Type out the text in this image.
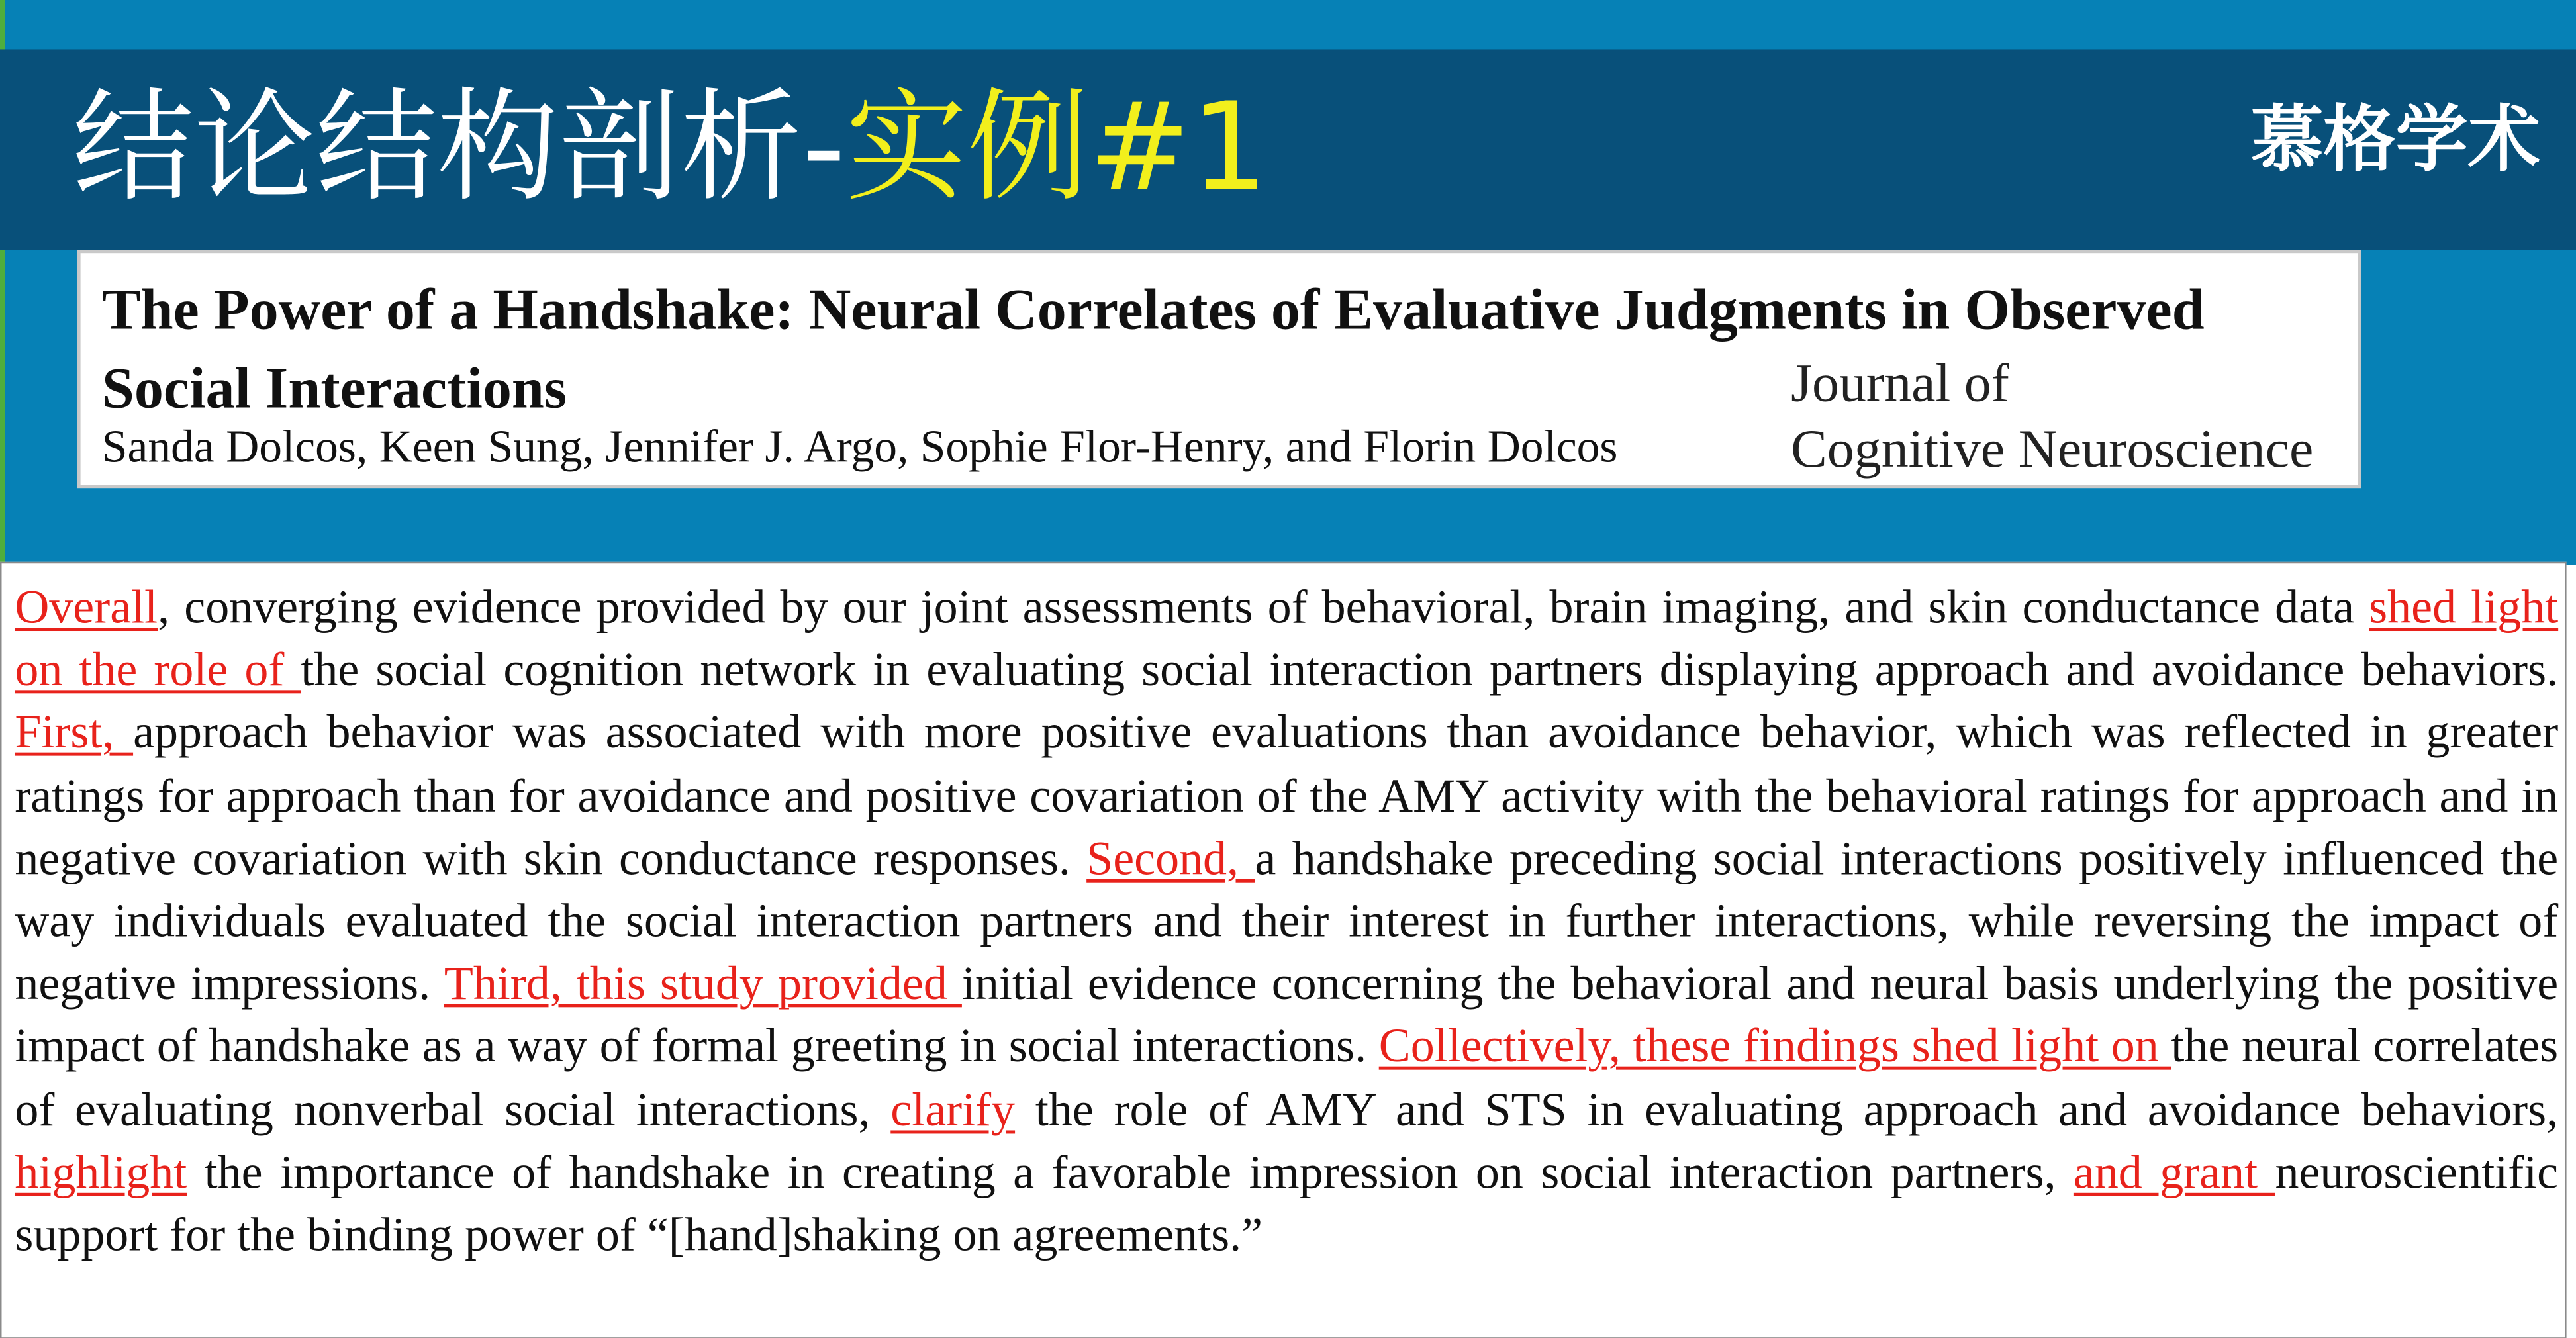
结论结构剖析-实例#1	慕格学术
The Power of a Handshake: Neural Correlates of Evaluative Judgments in Observed Social Interactions
Sanda Dolcos, Keen Sung, Jennifer J. Argo, Sophie Flor-Henry, and Florin Dolcos
Journal of
Cognitive Neuroscience

Overall, converging evidence provided by our joint assessments of behavioral, brain imaging, and skin conductance data shed light on the role of the social cognition network in evaluating social interaction partners displaying approach and avoidance behaviors. First, approach behavior was associated with more positive evaluations than avoidance behavior, which was reflected in greater ratings for approach than for avoidance and positive covariation of the AMY activity with the behavioral ratings for approach and in negative covariation with skin conductance responses. Second, a handshake preceding social interactions positively influenced the way individuals evaluated the social interaction partners and their interest in further interactions, while reversing the impact of negative impressions. Third, this study provided initial evidence concerning the behavioral and neural basis underlying the positive impact of handshake as a way of formal greeting in social interactions. Collectively, these findings shed light on the neural correlates of evaluating nonverbal social interactions, clarify the role of AMY and STS in evaluating approach and avoidance behaviors, highlight the importance of handshake in creating a favorable impression on social interaction partners, and grant neuroscientific support for the binding power of “[hand]shaking on agreements.”
